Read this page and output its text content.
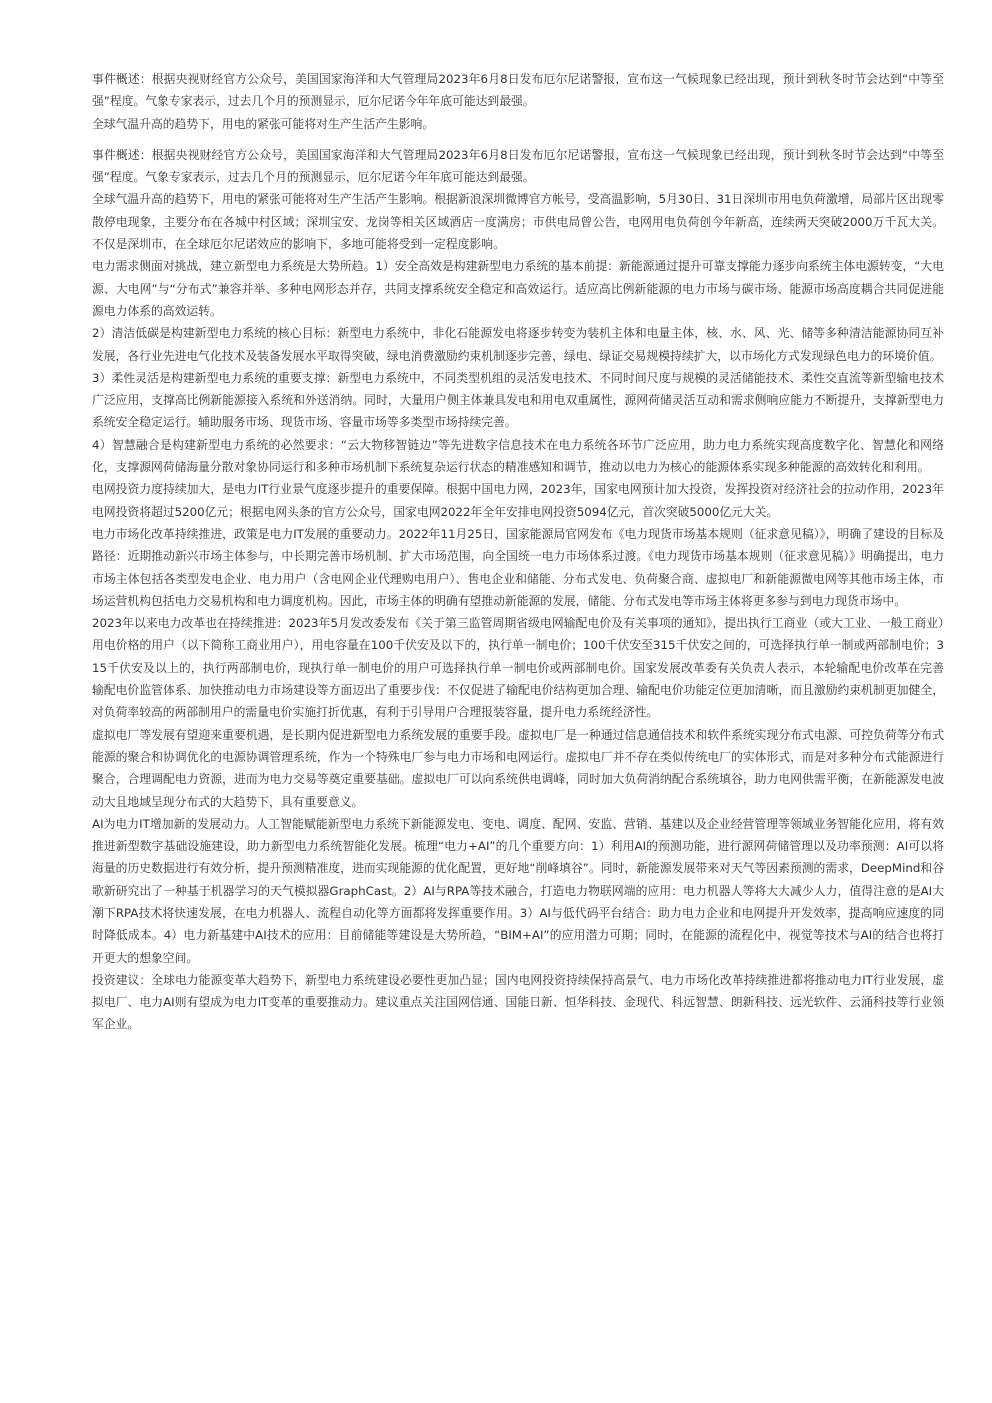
事件概述：根据央视财经官方公众号，美国国家海洋和大气管理局2023年6月8日发布厄尔尼诺警报，宣布这一气候现象已经出现，预计到秋冬时节会达到“中等至强”程度。气象专家表示，过去几个月的预测显示，厄尔尼诺今年年底可能达到最强。

全球气温升高的趋势下，用电的紧张可能将对生产生活产生影响。

事件概述：根据央视财经官方公众号，美国国家海洋和大气管理局2023年6月8日发布厄尔尼诺警报，宣布这一气候现象已经出现，预计到秋冬时节会达到“中等至强”程度。气象专家表示，过去几个月的预测显示，厄尔尼诺今年年底可能达到最强。

全球气温升高的趋势下，用电的紧张可能将对生产生活产生影响。根据新浪深圳微博官方帐号，受高温影响，5月30日、31日深圳市用电负荷激增，局部片区出现零散停电现象，主要分布在各城中村区域；深圳宝安、龙岗等相关区域酒店一度满房；市供电局曾公告，电网用电负荷创今年新高，连续两天突破2000万千瓦大关。不仅是深圳市，在全球厄尔尼诺效应的影响下，多地可能将受到一定程度影响。

电力需求侧面对挑战，建立新型电力系统是大势所趋。1）安全高效是构建新型电力系统的基本前提：新能源通过提升可靠支撑能力逐步向系统主体电源转变，“大电源、大电网”与“分布式”兼容并举、多种电网形态并存，共同支撑系统安全稳定和高效运行。适应高比例新能源的电力市场与碳市场、能源市场高度耦合共同促进能源电力体系的高效运转。

2）清洁低碳是构建新型电力系统的核心目标：新型电力系统中，非化石能源发电将逐步转变为装机主体和电量主体，核、水、风、光、储等多种清洁能源协同互补发展，各行业先进电气化技术及装备发展水平取得突破，绿电消费激励约束机制逐步完善，绿电、绿证交易规模持续扩大，以市场化方式发现绿色电力的环境价值。

3）柔性灵活是构建新型电力系统的重要支撑：新型电力系统中，不同类型机组的灵活发电技术、不同时间尺度与规模的灵活储能技术、柔性交直流等新型输电技术广泛应用，支撑高比例新能源接入系统和外送消纳。同时，大量用户侧主体兼具发电和用电双重属性，源网荷储灵活互动和需求侧响应能力不断提升，支撑新型电力系统安全稳定运行。辅助服务市场、现货市场、容量市场等多类型市场持续完善。

4）智慧融合是构建新型电力系统的必然要求：“云大物移智链边”等先进数字信息技术在电力系统各环节广泛应用，助力电力系统实现高度数字化、智慧化和网络化，支撑源网荷储海量分散对象协同运行和多种市场机制下系统复杂运行状态的精准感知和调节，推动以电力为核心的能源体系实现多种能源的高效转化和利用。

电网投资力度持续加大，是电力IT行业景气度逐步提升的重要保障。根据中国电力网，2023年，国家电网预计加大投资，发挥投资对经济社会的拉动作用，2023年电网投资将超过5200亿元；根据电网头条的官方公众号，国家电网2022年全年安排电网投资5094亿元，首次突破5000亿元大关。

电力市场化改革持续推进，政策是电力IT发展的重要动力。2022年11月25日，国家能源局官网发布《电力现货市场基本规则（征求意见稿）》，明确了建设的目标及路径：近期推动新兴市场主体参与，中长期完善市场机制、扩大市场范围，向全国统一电力市场体系过渡。《电力现货市场基本规则（征求意见稿）》明确提出，电力市场主体包括各类型发电企业、电力用户（含电网企业代理购电用户）、售电企业和储能、分布式发电、负荷聚合商、虚拟电厂和新能源微电网等其他市场主体，市场运营机构包括电力交易机构和电力调度机构。因此，市场主体的明确有望推动新能源的发展，储能、分布式发电等市场主体将更多参与到电力现货市场中。

2023年以来电力改革也在持续推进：2023年5月发改委发布《关于第三监管周期省级电网输配电价及有关事项的通知》，提出执行工商业（或大工业、一般工商业）用电价格的用户（以下简称工商业用户），用电容量在100千伏安及以下的，执行单一制电价；100千伏安至315千伏安之间的，可选择执行单一制或两部制电价；315千伏安及以上的，执行两部制电价，现执行单一制电价的用户可选择执行单一制电价或两部制电价。国家发展改革委有关负责人表示，本轮输配电价改革在完善输配电价监管体系、加快推动电力市场建设等方面迈出了重要步伐：不仅促进了输配电价结构更加合理、输配电价功能定位更加清晰，而且激励约束机制更加健全，对负荷率较高的两部制用户的需量电价实施打折优惠，有利于引导用户合理报装容量，提升电力系统经济性。

虚拟电厂等发展有望迎来重要机遇，是长期内促进新型电力系统发展的重要手段。虚拟电厂是一种通过信息通信技术和软件系统实现分布式电源、可控负荷等分布式能源的聚合和协调优化的电源协调管理系统，作为一个特殊电厂参与电力市场和电网运行。虚拟电厂并不存在类似传统电厂的实体形式，而是对多种分布式能源进行聚合，合理调配电力资源，进而为电力交易等奠定重要基础。虚拟电厂可以向系统供电调峰，同时加大负荷消纳配合系统填谷，助力电网供需平衡，在新能源发电波动大且地域呈现分布式的大趋势下，具有重要意义。

AI为电力IT增加新的发展动力。人工智能赋能新型电力系统下新能源发电、变电、调度、配网、安监、营销、基建以及企业经营管理等领域业务智能化应用，将有效推进新型数字基础设施建设，助力新型电力系统智能化发展。梳理“电力+AI”的几个重要方向：1）利用AI的预测功能，进行源网荷储管理以及功率预测：AI可以将海量的历史数据进行有效分析，提升预测精准度，进而实现能源的优化配置，更好地“削峰填谷”。同时，新能源发展带来对天气等因素预测的需求，DeepMind和谷歌新研究出了一种基于机器学习的天气模拟器GraphCast。2）AI与RPA等技术融合，打造电力物联网端的应用：电力机器人等将大大减少人力，值得注意的是AI大潮下RPA技术将快速发展，在电力机器人、流程自动化等方面都将发挥重要作用。3）AI与低代码平台结合：助力电力企业和电网提升开发效率，提高响应速度的同时降低成本。4）电力新基建中AI技术的应用：目前储能等建设是大势所趋，“BIM+AI”的应用潜力可期；同时，在能源的流程化中，视觉等技术与AI的结合也将打开更大的想象空间。

投资建议：全球电力能源变革大趋势下，新型电力系统建设必要性更加凸显；国内电网投资持续保持高景气、电力市场化改革持续推进都将推动电力IT行业发展，虚拟电厂、电力AI则有望成为电力IT变革的重要推动力。建议重点关注国网信通、国能日新、恒华科技、金现代、科远智慧、朗新科技、远光软件、云涌科技等行业领军企业。
